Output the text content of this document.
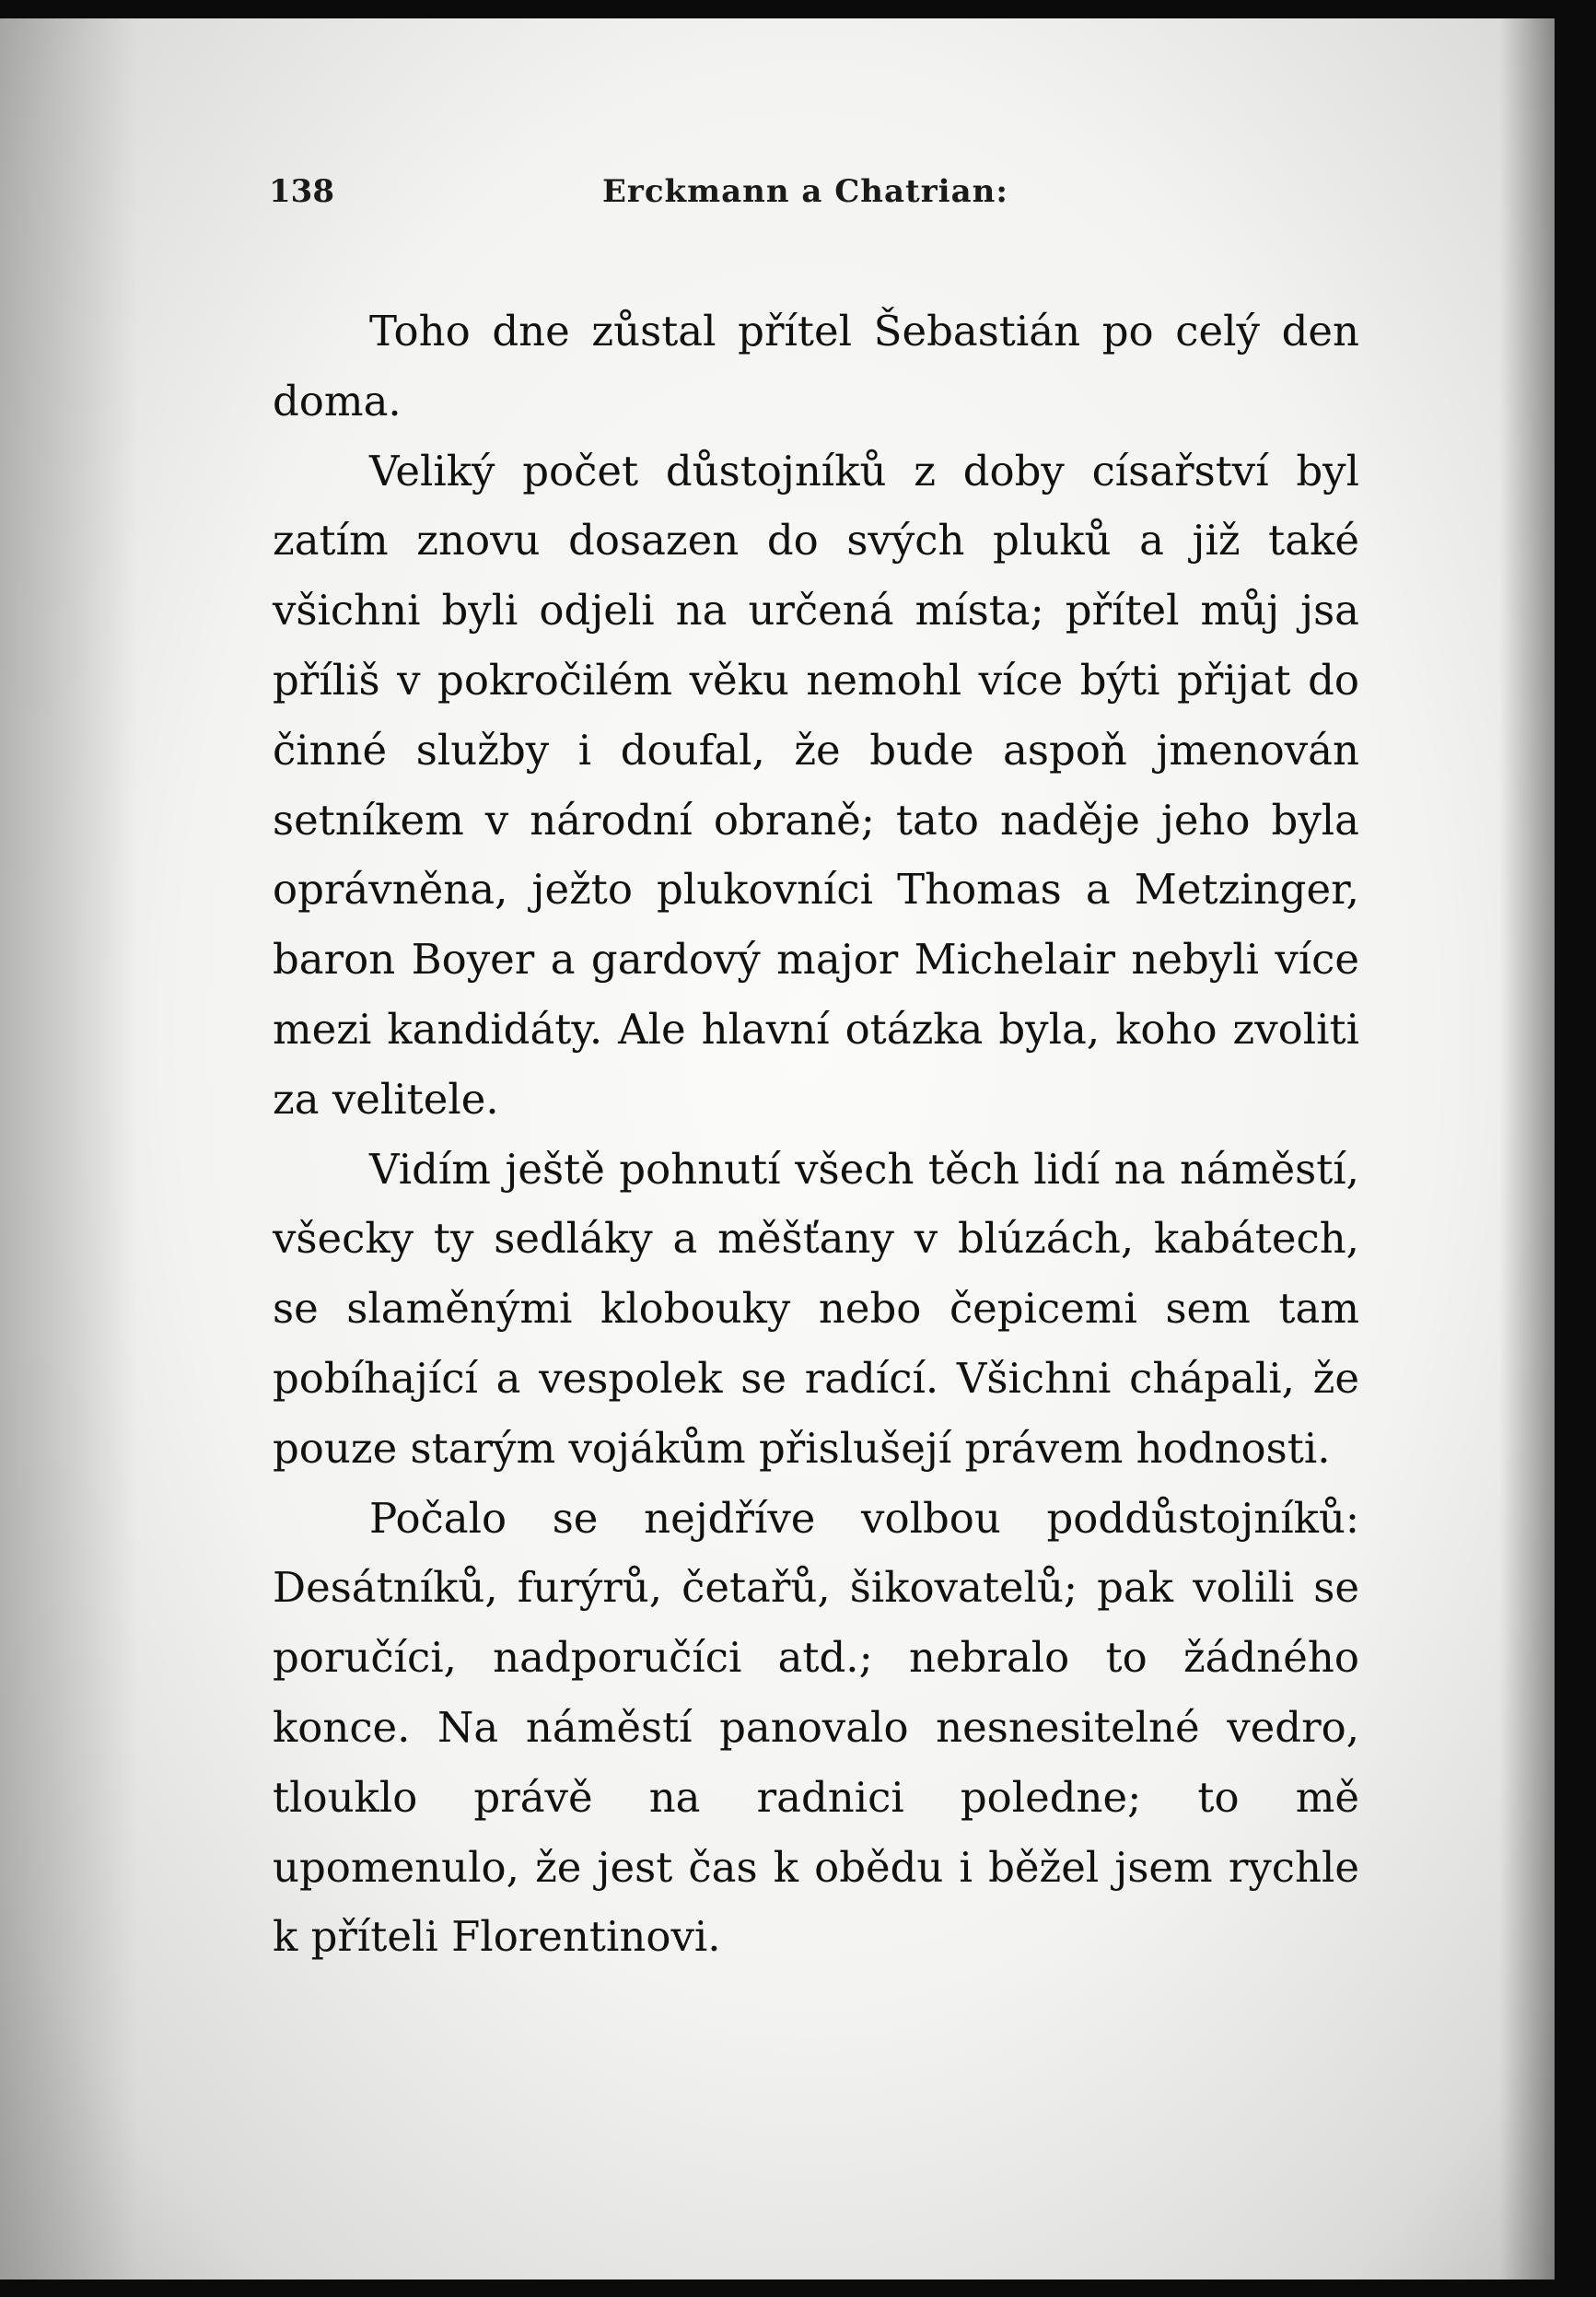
138	Erckmann a Chatrian:

Toho dne zůstal přítel Šebastián po celý den doma.

Veliký počet důstojníků z doby císařství byl zatím znovu dosazen do svých pluků a již také všichni byli odjeli na určená místa; přítel můj jsa příliš v pokročilém věku nemohl více býti přijat do činné služby i doufal, že bude aspoň jmenován setníkem v národní obraně; tato naděje jeho byla oprávněna, ježto plukovníci Thomas a Metzinger, baron Boyer a gardový major Michelair nebyli více mezi kandidáty. Ale hlavní otázka byla, koho zvoliti za velitele.

Vidím ještě pohnutí všech těch lidí na náměstí, všecky ty sedláky a měšťany v blúzách, kabátech, se slaměnými klobouky nebo čepicemi sem tam pobíhající a vespolek se radící. Všichni chápali, že pouze starým vojákům přislušejí právem hodnosti.

Počalo se nejdříve volbou poddůstojníků: Desátníků, furýrů, četařů, šikovatelů; pak volili se poručíci, nadporučíci atd.; nebralo to žádného konce. Na náměstí panovalo nesnesitelné vedro, tlouklo právě na radnici poledne; to mě upomenulo, že jest čas k obědu i běžel jsem rychle k příteli Florentinovi.
